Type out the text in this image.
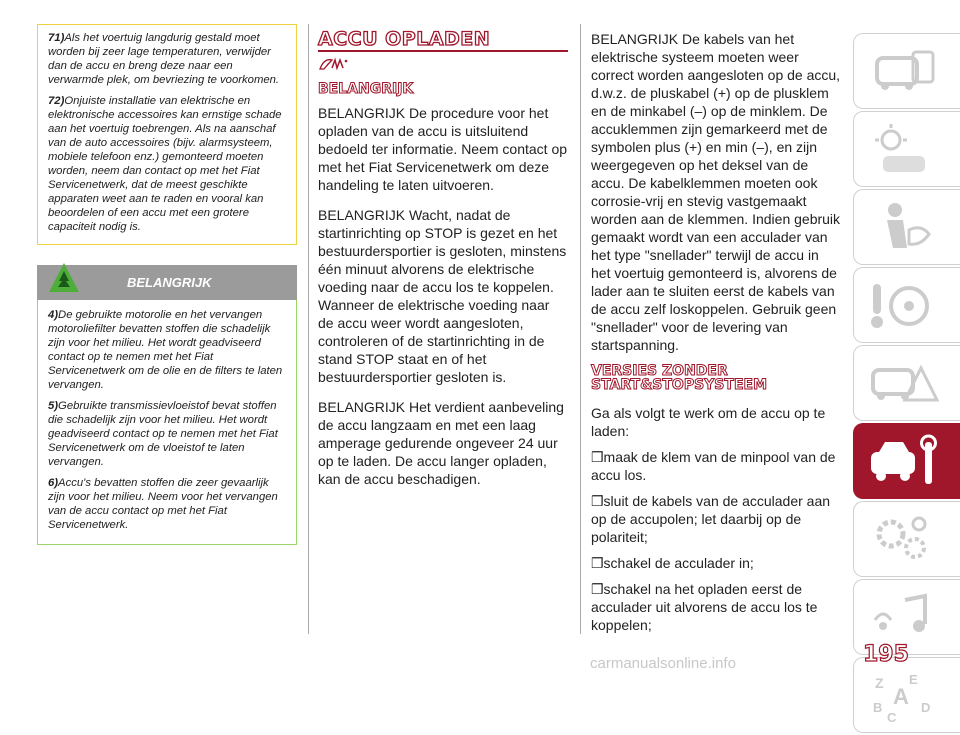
71)Als het voertuig langdurig gestald moet worden bij zeer lage temperaturen, verwijder dan de accu en breng deze naar een verwarmde plek, om bevriezing te voorkomen.

72)Onjuiste installatie van elektrische en elektronische accessoires kan ernstige schade aan het voertuig toebrengen. Als na aanschaf van de auto accessoires (bijv. alarmsysteem, mobiele telefoon enz.) gemonteerd moeten worden, neem dan contact op met het Fiat Servicenetwerk, dat de meest geschikte apparaten weet aan te raden en vooral kan beoordelen of een accu met een grotere capaciteit nodig is.

BELANGRIJK

4)De gebruikte motorolie en het vervangen motoroliefilter bevatten stoffen die schadelijk zijn voor het milieu. Het wordt geadviseerd contact op te nemen met het Fiat Servicenetwerk om de olie en de filters te laten vervangen.

5)Gebruikte transmissievloeistof bevat stoffen die schadelijk zijn voor het milieu. Het wordt geadviseerd contact op te nemen met het Fiat Servicenetwerk om de vloeistof te laten vervangen.

6)Accu's bevatten stoffen die zeer gevaarlijk zijn voor het milieu. Neem voor het vervangen van de accu contact op met het Fiat Servicenetwerk.

ACCU OPLADEN
BELANGRIJK

BELANGRIJK De procedure voor het opladen van de accu is uitsluitend bedoeld ter informatie. Neem contact op met het Fiat Servicenetwerk om deze handeling te laten uitvoeren.

BELANGRIJK Wacht, nadat de startinrichting op STOP is gezet en het bestuurdersportier is gesloten, minstens één minuut alvorens de elektrische voeding naar de accu los te koppelen. Wanneer de elektrische voeding naar de accu weer wordt aangesloten, controleren of de startinrichting in de stand STOP staat en of het bestuurdersportier gesloten is.

BELANGRIJK Het verdient aanbeveling de accu langzaam en met een laag amperage gedurende ongeveer 24 uur op te laden. De accu langer opladen, kan de accu beschadigen.

BELANGRIJK De kabels van het elektrische systeem moeten weer correct worden aangesloten op de accu, d.w.z. de pluskabel (+) op de plusklem en de minkabel (–) op de minklem. De accuklemmen zijn gemarkeerd met de symbolen plus (+) en min (–), en zijn weergegeven op het deksel van de accu. De kabelklemmen moeten ook corrosie-vrij en stevig vastgemaakt worden aan de klemmen. Indien gebruik gemaakt wordt van een acculader van het type "snellader" terwijl de accu in het voertuig gemonteerd is, alvorens de lader aan te sluiten eerst de kabels van de accu zelf loskoppelen. Gebruik geen "snellader" voor de levering van startspanning.

VERSIES ZONDER START&STOPSYSTEEM

Ga als volgt te werk om de accu op te laden:

❒maak de klem van de minpool van de accu los.

❒sluit de kabels van de acculader aan op de accupolen; let daarbij op de polariteit;

❒schakel de acculader in;

❒schakel na het opladen eerst de acculader uit alvorens de accu los te koppelen;

Z E
A
B	D
C
195
carmanualsonline.info
